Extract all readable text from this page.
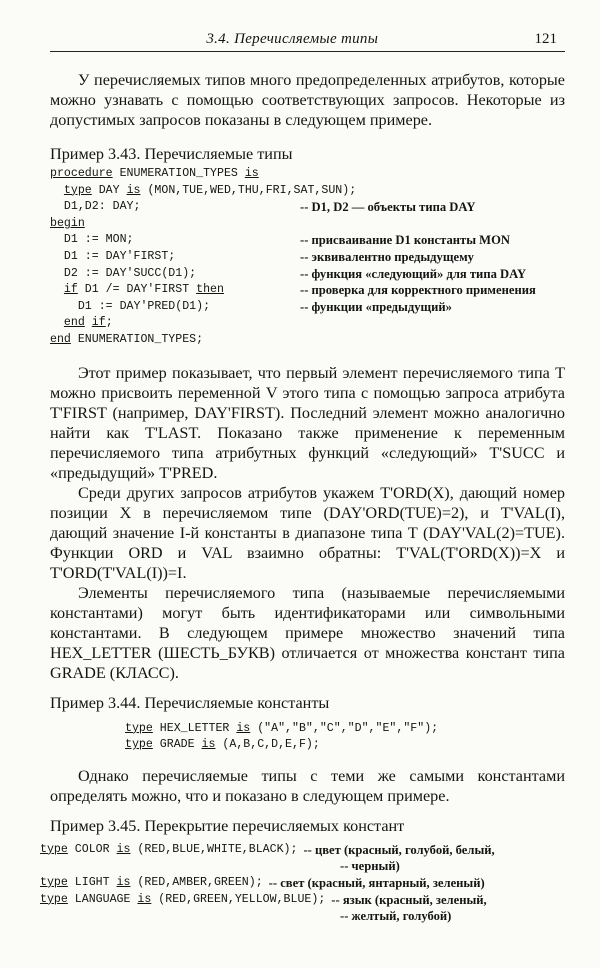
3.4. Перечисляемые типы	121

У перечисляемых типов много предопределенных атрибутов, которые можно узнавать с помощью соответствующих запросов. Некоторые из допустимых запросов показаны в следующем примере.

Пример 3.43. Перечисляемые типы
procedure ENUMERATION_TYPES is
type DAY is (MON,TUE,WED,THU,FRI,SAT,SUN);
D1,D2: DAY;	-- D1, D2 — объекты типа DAY
begin
D1 := MON;	-- присваивание D1 константы MON
D1 := DAY'FIRST;	-- эквивалентно предыдущему
D2 := DAY'SUCC(D1);	-- функция «следующий» для типа DAY
if D1 /= DAY'FIRST then	-- проверка для корректного применения
D1 := DAY'PRED(D1);	-- функции «предыдущий»
end if;
end ENUMERATION_TYPES;

Этот пример показывает, что первый элемент перечисляемого типа T можно присвоить переменной V этого типа с помощью запроса атрибута T'FIRST (например, DAY'FIRST). Последний элемент можно аналогично найти как T'LAST. Показано также применение к переменным перечисляемого типа атрибутных функций «следующий» T'SUCC и «предыдущий» T'PRED.

Среди других запросов атрибутов укажем T'ORD(X), дающий номер позиции X в перечисляемом типе (DAY'ORD(TUE)=2), и T'VAL(I), дающий значение I-й константы в диапазоне типа T (DAY'VAL(2)=TUE). Функции ORD и VAL взаимно обратны: T'VAL(T'ORD(X))=X и T'ORD(T'VAL(I))=I.

Элементы перечисляемого типа (называемые перечисляемыми константами) могут быть идентификаторами или символьными константами. В следующем примере множество значений типа HEX_LETTER (ШЕСТЬ_БУКВ) отличается от множества констант типа GRADE (КЛАСС).

Пример 3.44. Перечисляемые константы
type HEX_LETTER is ("A","B","C","D","E","F");
type GRADE is (A,B,C,D,E,F);

Однако перечисляемые типы с теми же самыми константами определять можно, что и показано в следующем примере.

Пример 3.45. Перекрытие перечисляемых констант
type COLOR is (RED,BLUE,WHITE,BLACK); -- цвет (красный, голубой, белый,
-- черный)
type LIGHT is (RED,AMBER,GREEN); -- свет (красный, янтарный, зеленый)
type LANGUAGE is (RED,GREEN,YELLOW,BLUE); -- язык (красный, зеленый,
-- желтый, голубой)
